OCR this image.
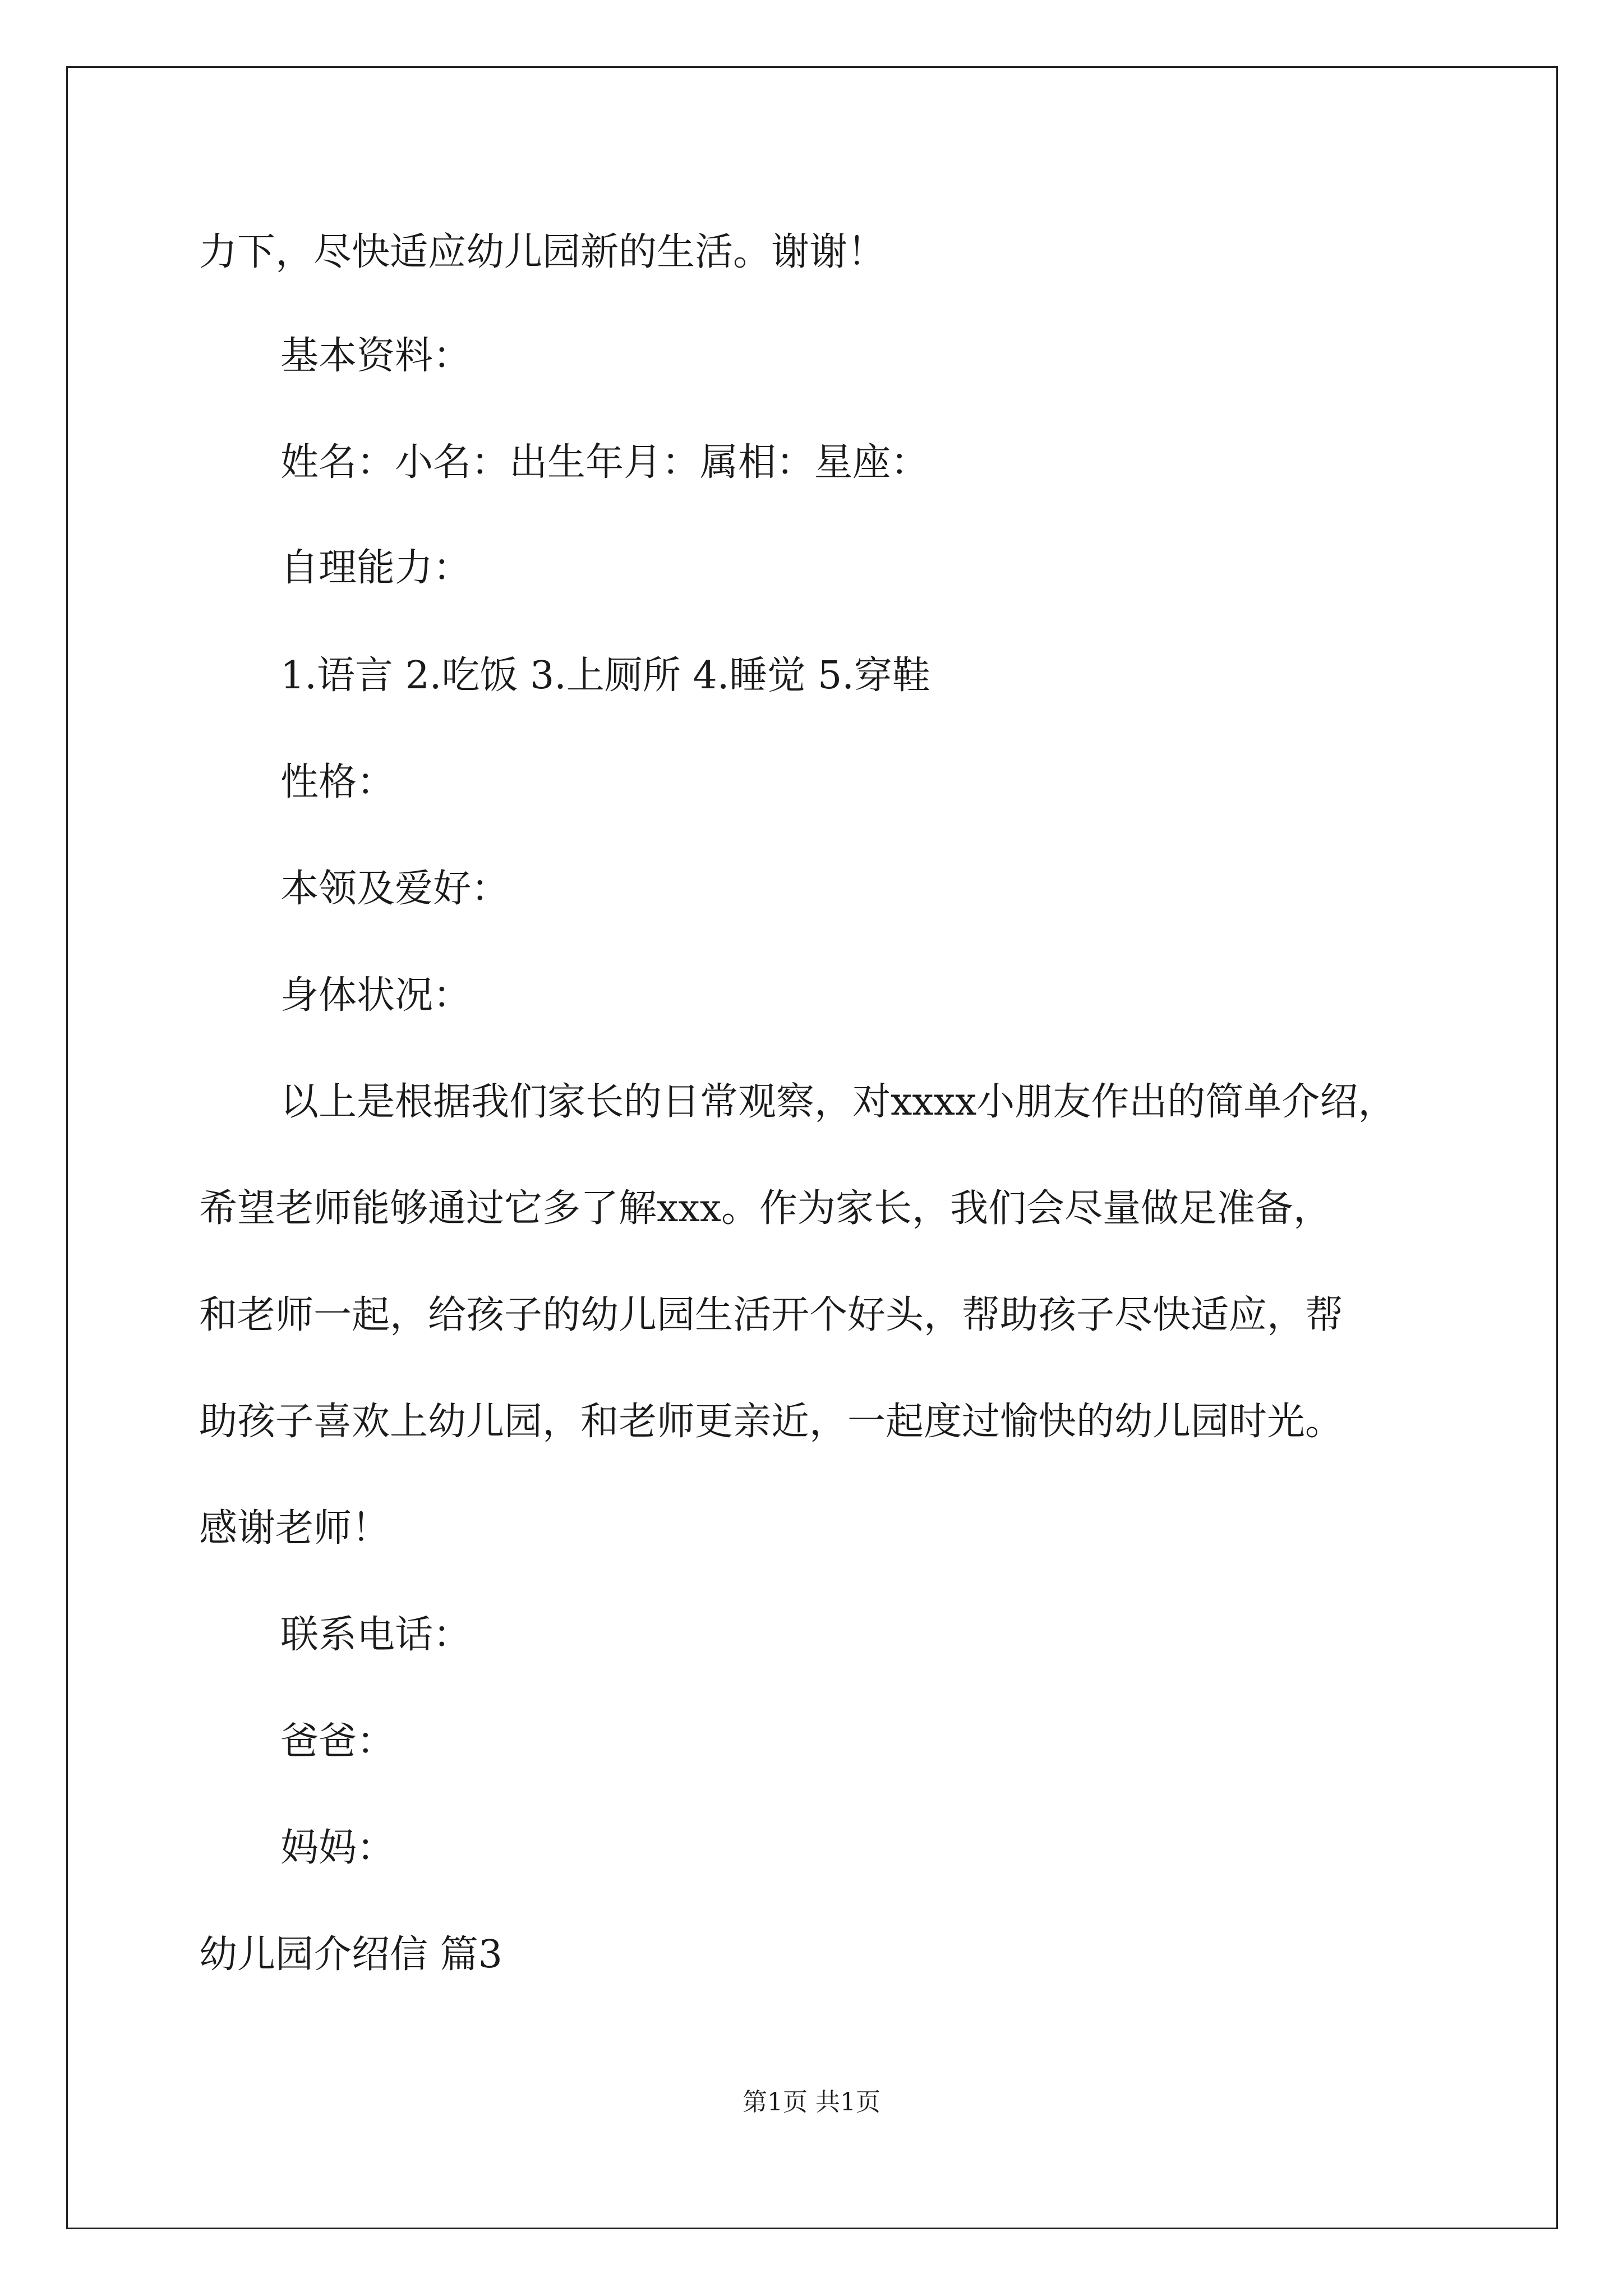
力下，尽快适应幼儿园新的生活。谢谢！
基本资料：
姓名：小名：出生年月：属相：星座：
自理能力：
1.语言 2.吃饭 3.上厕所 4.睡觉 5.穿鞋
性格：
本领及爱好：
身体状况：
以上是根据我们家长的日常观察，对xxxx小朋友作出的简单介绍，
希望老师能够通过它多了解xxx。作为家长，我们会尽量做足准备，
和老师一起，给孩子的幼儿园生活开个好头，帮助孩子尽快适应，帮
助孩子喜欢上幼儿园，和老师更亲近，一起度过愉快的幼儿园时光。
感谢老师！
联系电话：
爸爸：
妈妈：
幼儿园介绍信 篇3
第1页 共1页
